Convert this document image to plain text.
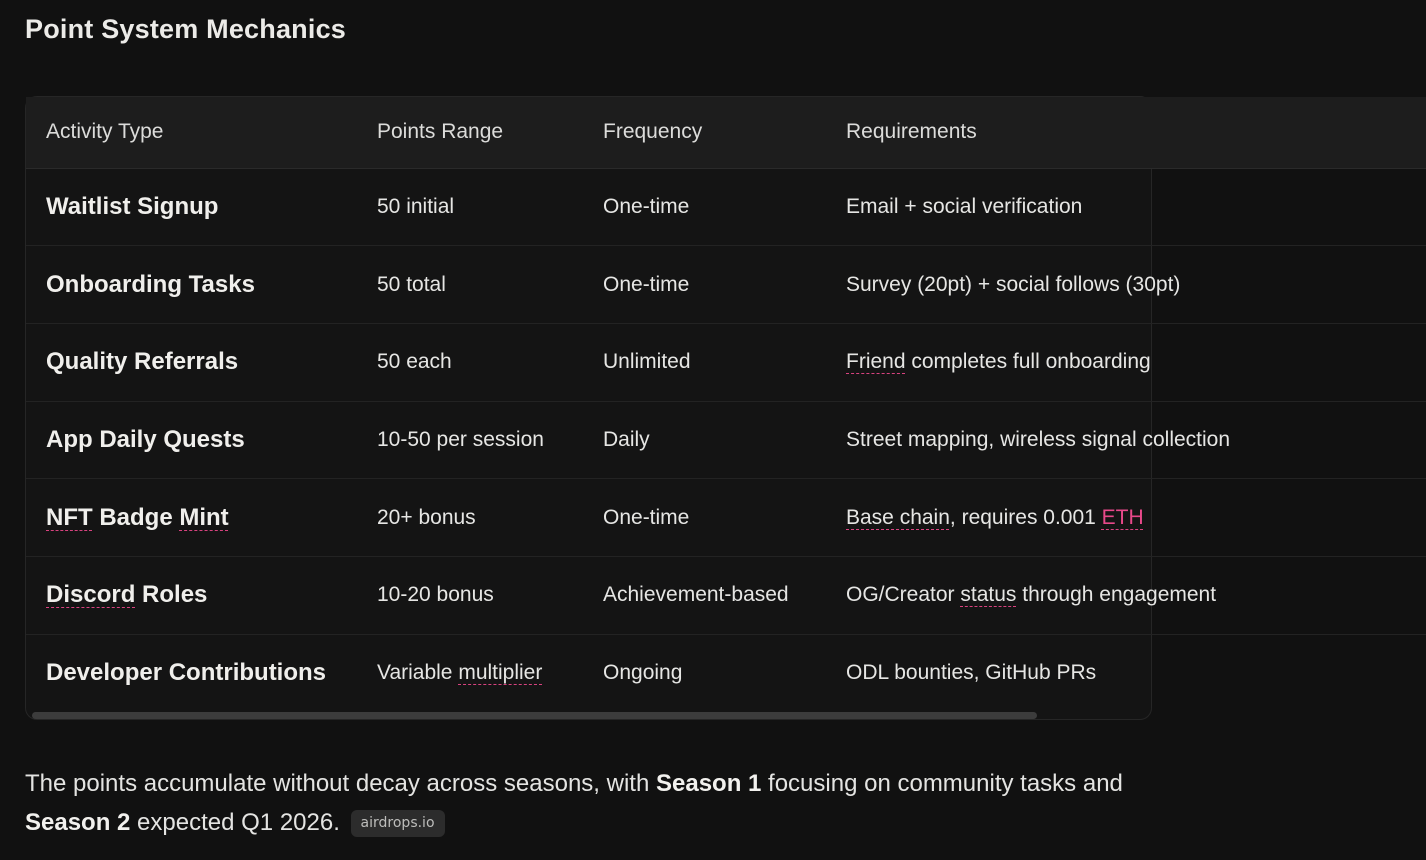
Point System Mechanics
Activity Type	Points Range	Frequency	Requirements
Waitlist Signup	50 initial	One-time	Email + social verification
Onboarding Tasks	50 total	One-time	Survey (20pt) + social follows (30pt)
Quality Referrals	50 each	Unlimited	Friend completes full onboarding
App Daily Quests	10-50 per session	Daily	Street mapping, wireless signal collection
NFT Badge Mint	20+ bonus	One-time	Base chain, requires 0.001 ETH
Discord Roles	10-20 bonus	Achievement-based	OG/Creator status through engagement
Developer Contributions	Variable multiplier	Ongoing	ODL bounties, GitHub PRs

The points accumulate without decay across seasons, with Season 1 focusing on community tasks and Season 2 expected Q1 2026. airdrops.io
